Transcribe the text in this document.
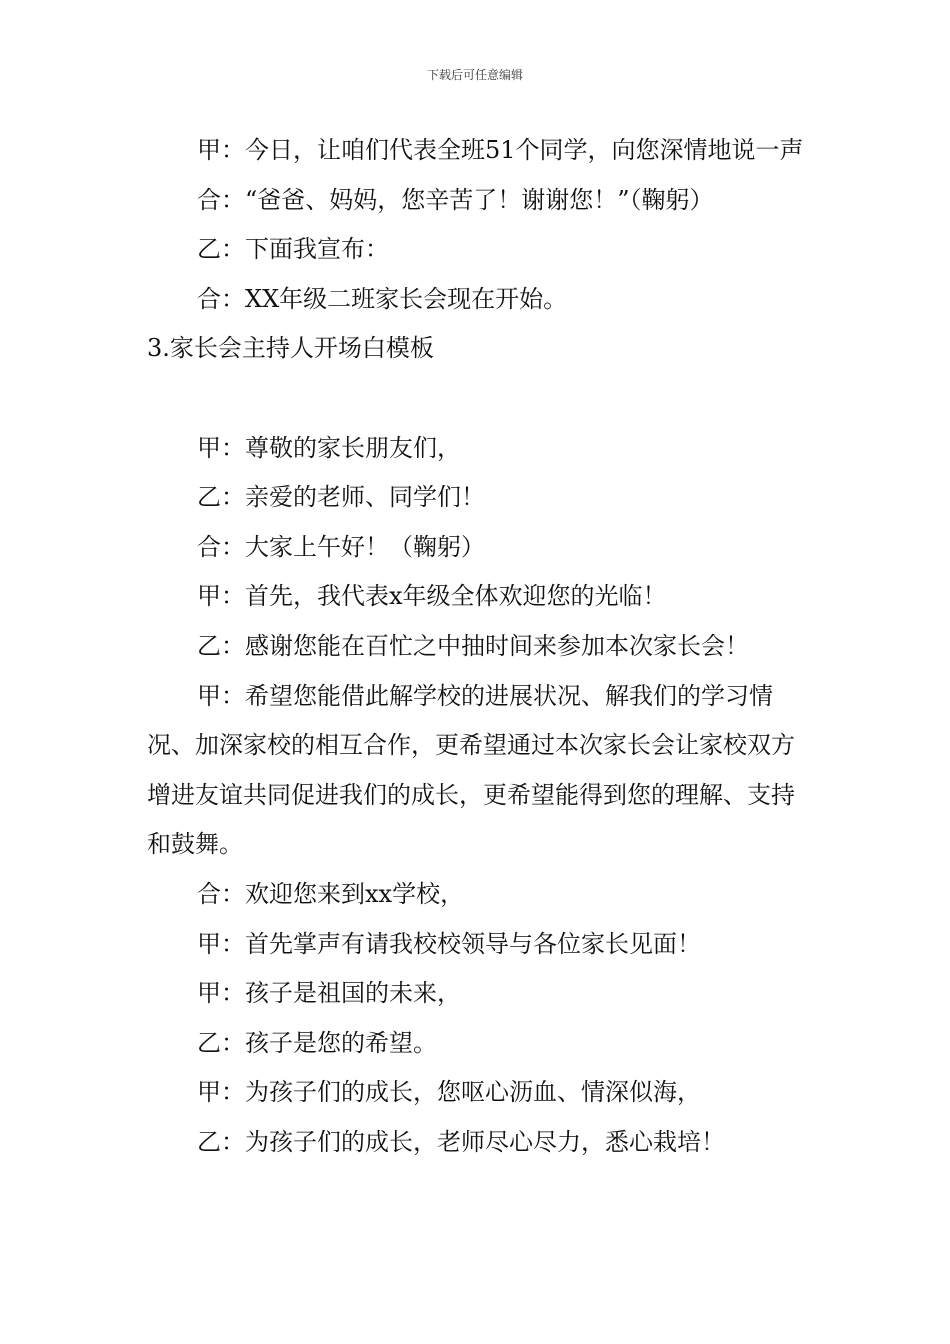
下载后可任意编辑

甲：今日，让咱们代表全班51个同学，向您深情地说一声

合：“爸爸、妈妈，您辛苦了！谢谢您！”（鞠躬）

乙：下面我宣布：

合：XX年级二班家长会现在开始。

3.家长会主持人开场白模板

甲：尊敬的家长朋友们，

乙：亲爱的老师、同学们！

合：大家上午好！（鞠躬）

甲：首先，我代表x年级全体欢迎您的光临！

乙：感谢您能在百忙之中抽时间来参加本次家长会！

甲：希望您能借此解学校的进展状况、解我们的学习情况、加深家校的相互合作，更希望通过本次家长会让家校双方增进友谊共同促进我们的成长，更希望能得到您的理解、支持和鼓舞。

合：欢迎您来到xx学校，

甲：首先掌声有请我校校领导与各位家长见面！

甲：孩子是祖国的未来，

乙：孩子是您的希望。

甲：为孩子们的成长，您呕心沥血、情深似海，

乙：为孩子们的成长，老师尽心尽力，悉心栽培！
